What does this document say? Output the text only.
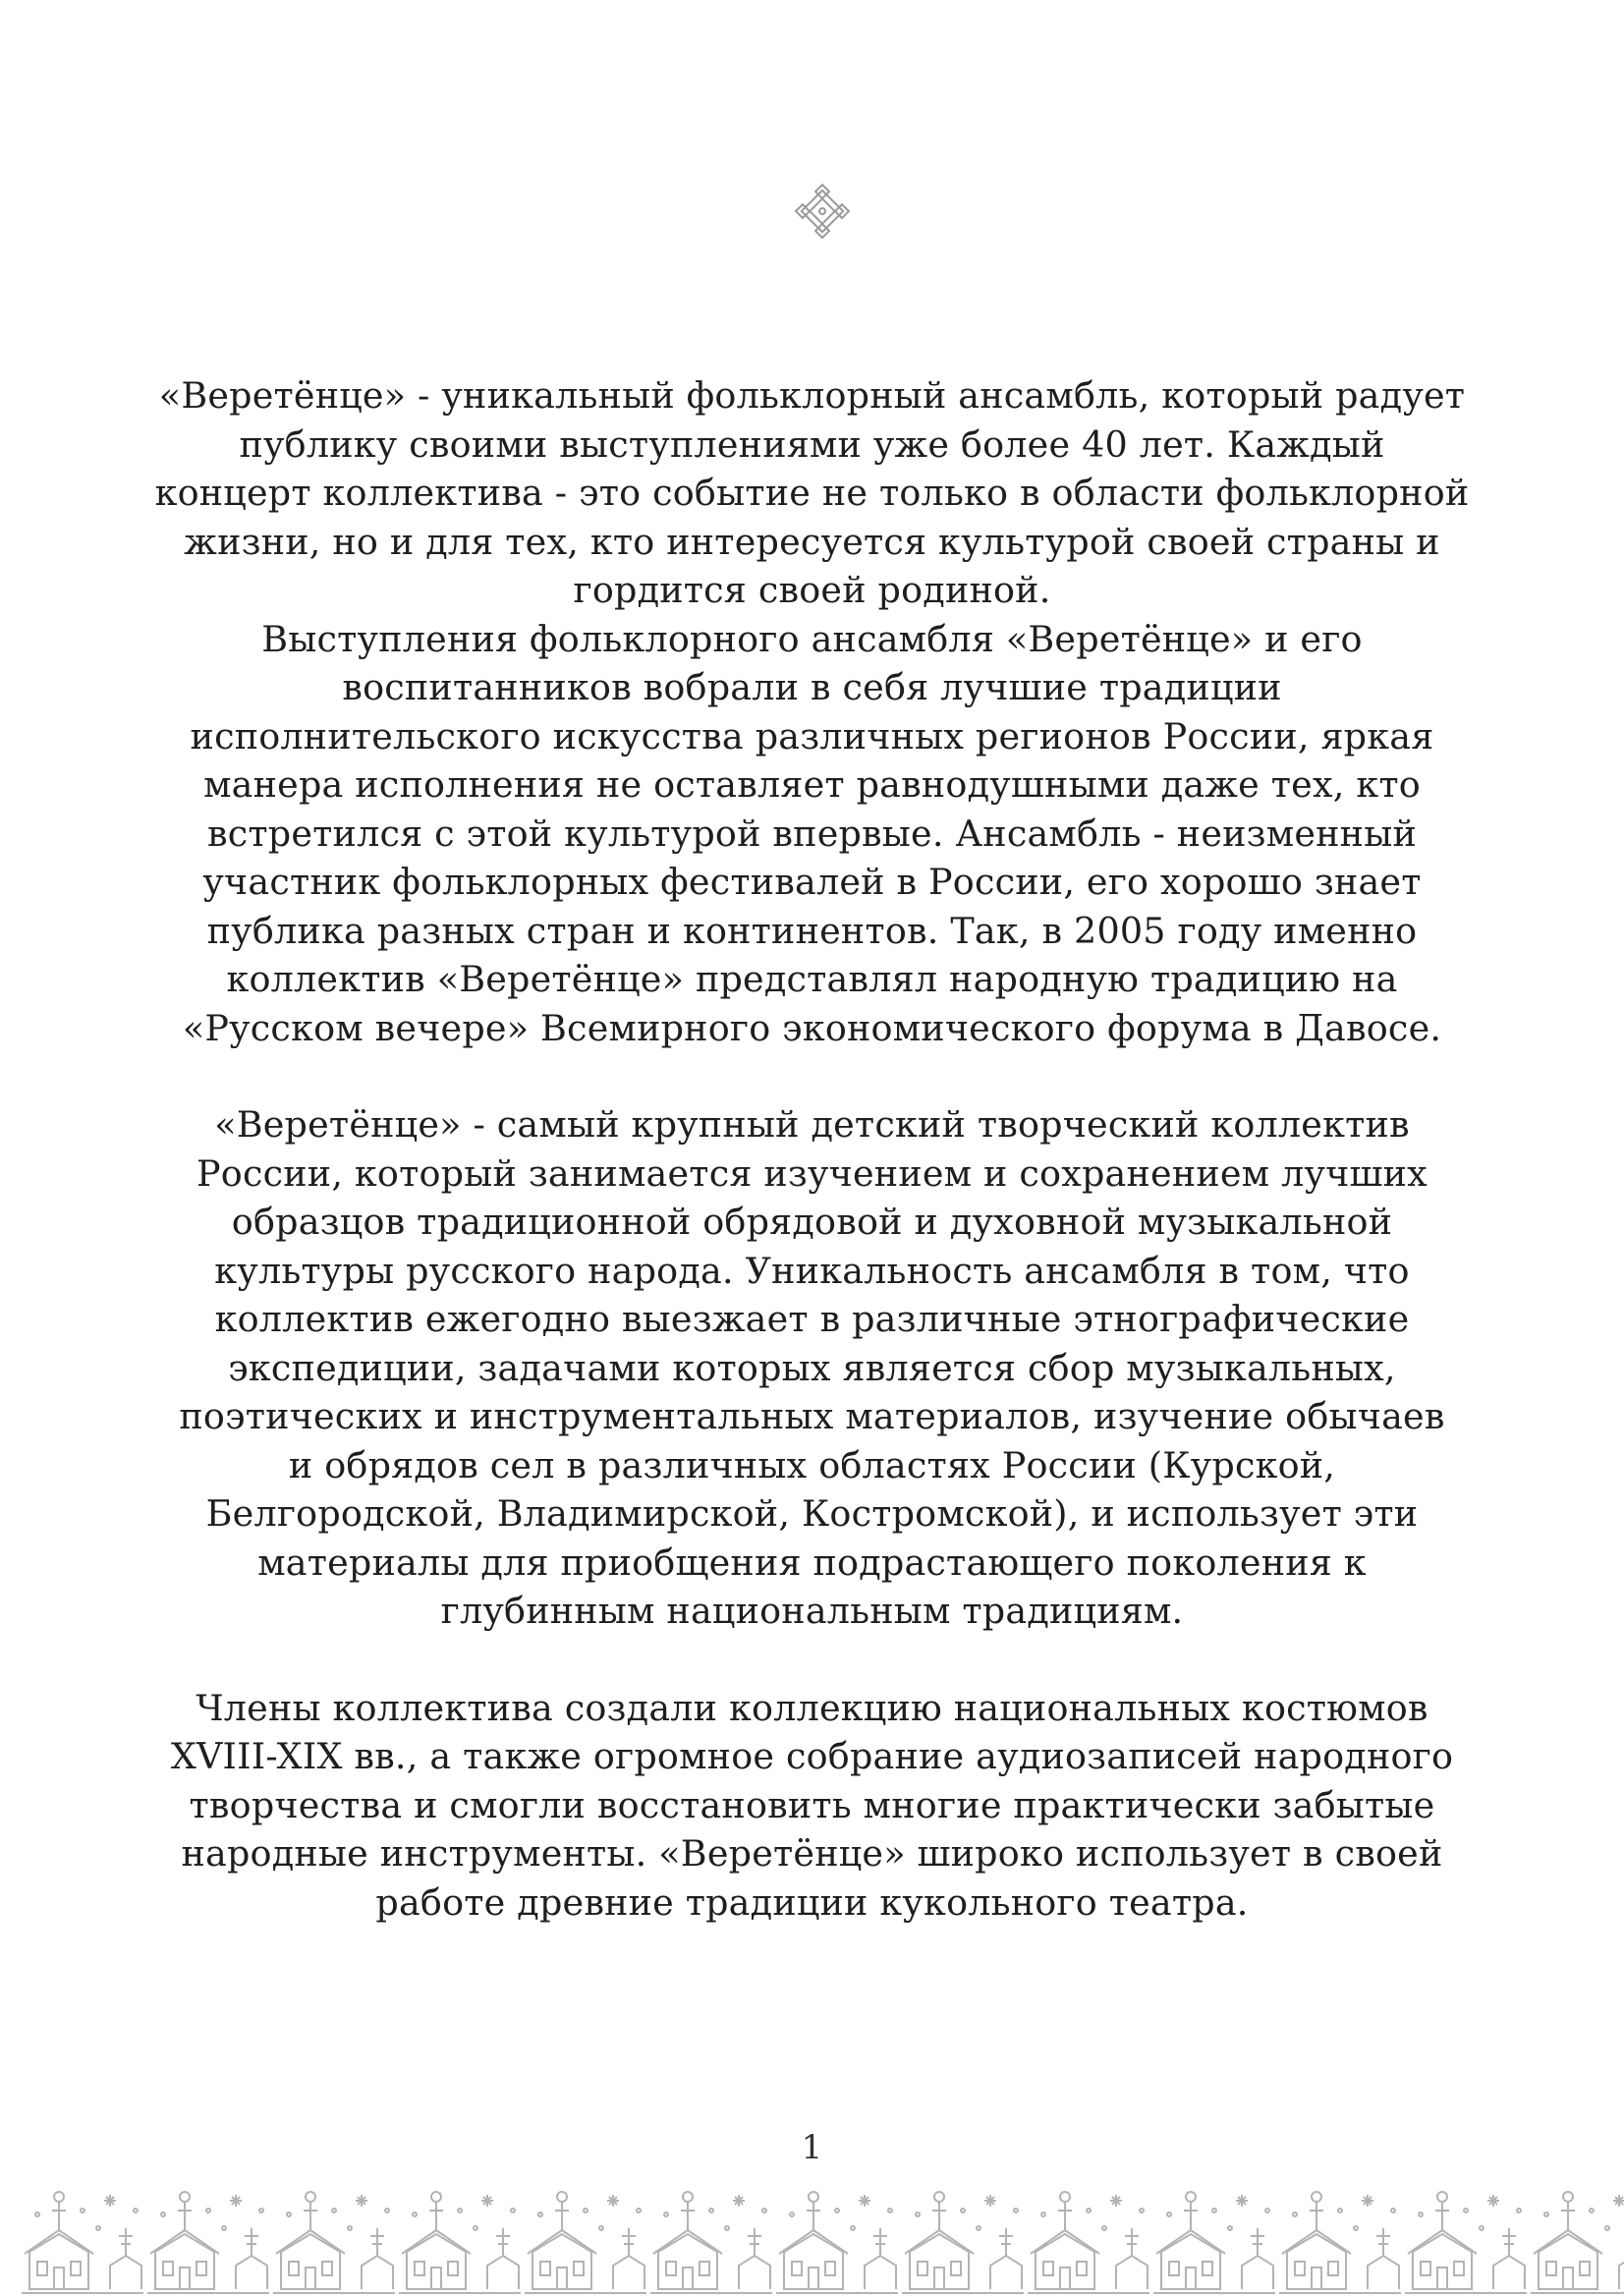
«Веретёнце» - уникальный фольклорный ансамбль, который радует
публику своими выступлениями уже более 40 лет. Каждый
концерт коллектива - это событие не только в области фольклорной
жизни, но и для тех, кто интересуется культурой своей страны и
гордится своей родиной.
Выступления фольклорного ансамбля «Веретёнце» и его
воспитанников вобрали в себя лучшие традиции
исполнительского искусства различных регионов России, яркая
манера исполнения не оставляет равнодушными даже тех, кто
встретился с этой культурой впервые. Ансамбль - неизменный
участник фольклорных фестивалей в России, его хорошо знает
публика разных стран и континентов. Так, в 2005 году именно
коллектив «Веретёнце» представлял народную традицию на
«Русском вечере» Всемирного экономического форума в Давосе.
«Веретёнце» - самый крупный детский творческий коллектив
России, который занимается изучением и сохранением лучших
образцов традиционной обрядовой и духовной музыкальной
культуры русского народа. Уникальность ансамбля в том, что
коллектив ежегодно выезжает в различные этнографические
экспедиции, задачами которых является сбор музыкальных,
поэтических и инструментальных материалов, изучение обычаев
и обрядов сел в различных областях России (Курской,
Белгородской, Владимирской, Костромской), и использует эти
материалы для приобщения подрастающего поколения к
глубинным национальным традициям.
Члены коллектива создали коллекцию национальных костюмов
XVIII-XIX вв., а также огромное собрание аудиозаписей народного
творчества и смогли восстановить многие практически забытые
народные инструменты. «Веретёнце» широко использует в своей
работе древние традиции кукольного театра.
1
